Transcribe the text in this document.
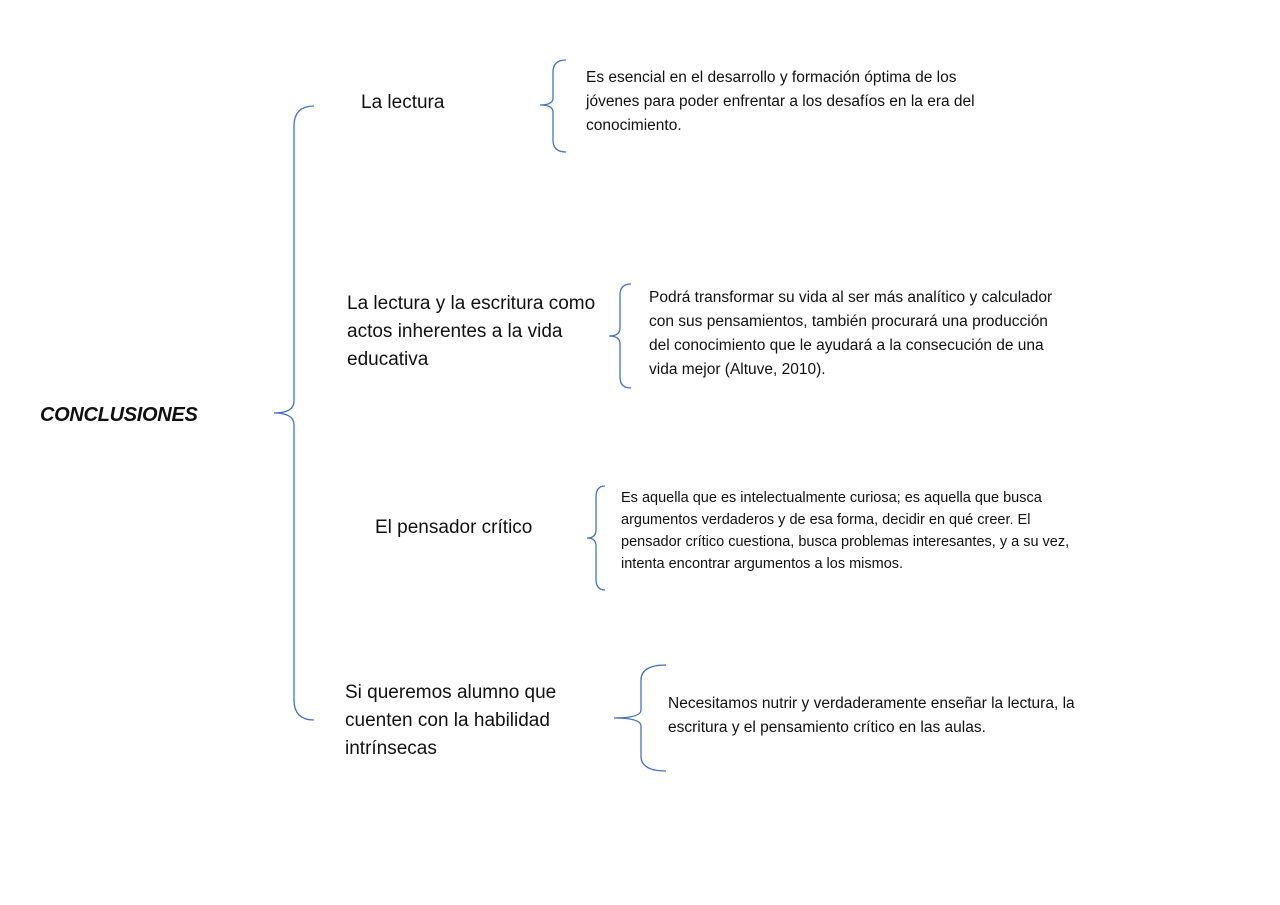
CONCLUSIONES
La lectura
Es esencial en el desarrollo y formación óptima de los
jóvenes para poder enfrentar a los desafíos en la era del
conocimiento.
La lectura y la escritura como
actos inherentes a la vida
educativa
Podrá transformar su vida al ser más analítico y calculador
con sus pensamientos, también procurará una producción
del conocimiento que le ayudará a la consecución de una
vida mejor (Altuve, 2010).
El pensador crítico
Es aquella que es intelectualmente curiosa; es aquella que busca
argumentos verdaderos y de esa forma, decidir en qué creer. El
pensador crítico cuestiona, busca problemas interesantes, y a su vez,
intenta encontrar argumentos a los mismos.
Si queremos alumno que
cuenten con la habilidad
intrínsecas
Necesitamos nutrir y verdaderamente enseñar la lectura, la
escritura y el pensamiento crítico en las aulas.
